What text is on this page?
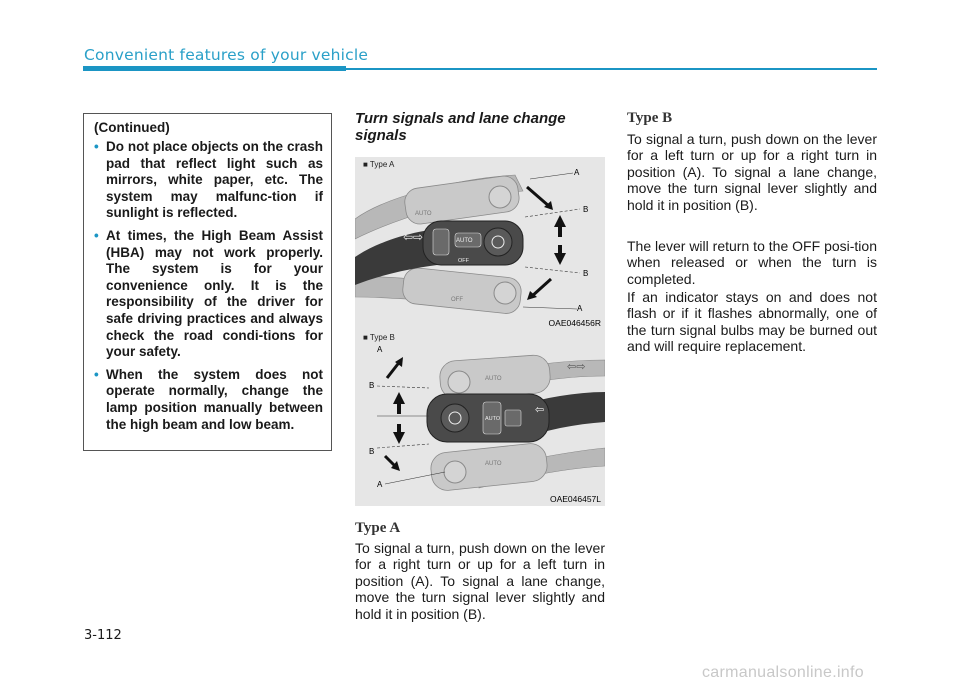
Convenient features of your vehicle

(Continued)

• Do not place objects on the crash pad that reflect light such as mirrors, white paper, etc. The system may malfunc-tion if sunlight is reflected.
• At times, the High Beam Assist (HBA) may not work properly. The system is for your convenience only. It is the responsibility of the driver for safe driving practices and always check the road condi-tions for your safety.
• When the system does not operate normally, change the lamp position manually between the high beam and low beam.
Turn signals and lane change signals
■ Type A
AUTO
OFF
⇦⇨
AUTO
OFF
A
B
B
A
OAE046456R
■ Type B
AUTO
AUTO
AUTO
⇦
⇦⇨
A
B
B
A
OAE046457L
Type A
To signal a turn, push down on the lever for a right turn or up for a left turn in position (A). To signal a lane change, move the turn signal lever slightly and hold it in position (B).
Type B
To signal a turn, push down on the lever for a left turn or up for a right turn in position (A). To signal a lane change, move the turn signal lever slightly and hold it in position (B).
The lever will return to the OFF posi-tion when released or when the turn is completed.
If an indicator stays on and does not flash or if it flashes abnormally, one of the turn signal bulbs may be burned out and will require replacement.
3-112
carmanualsonline.info
